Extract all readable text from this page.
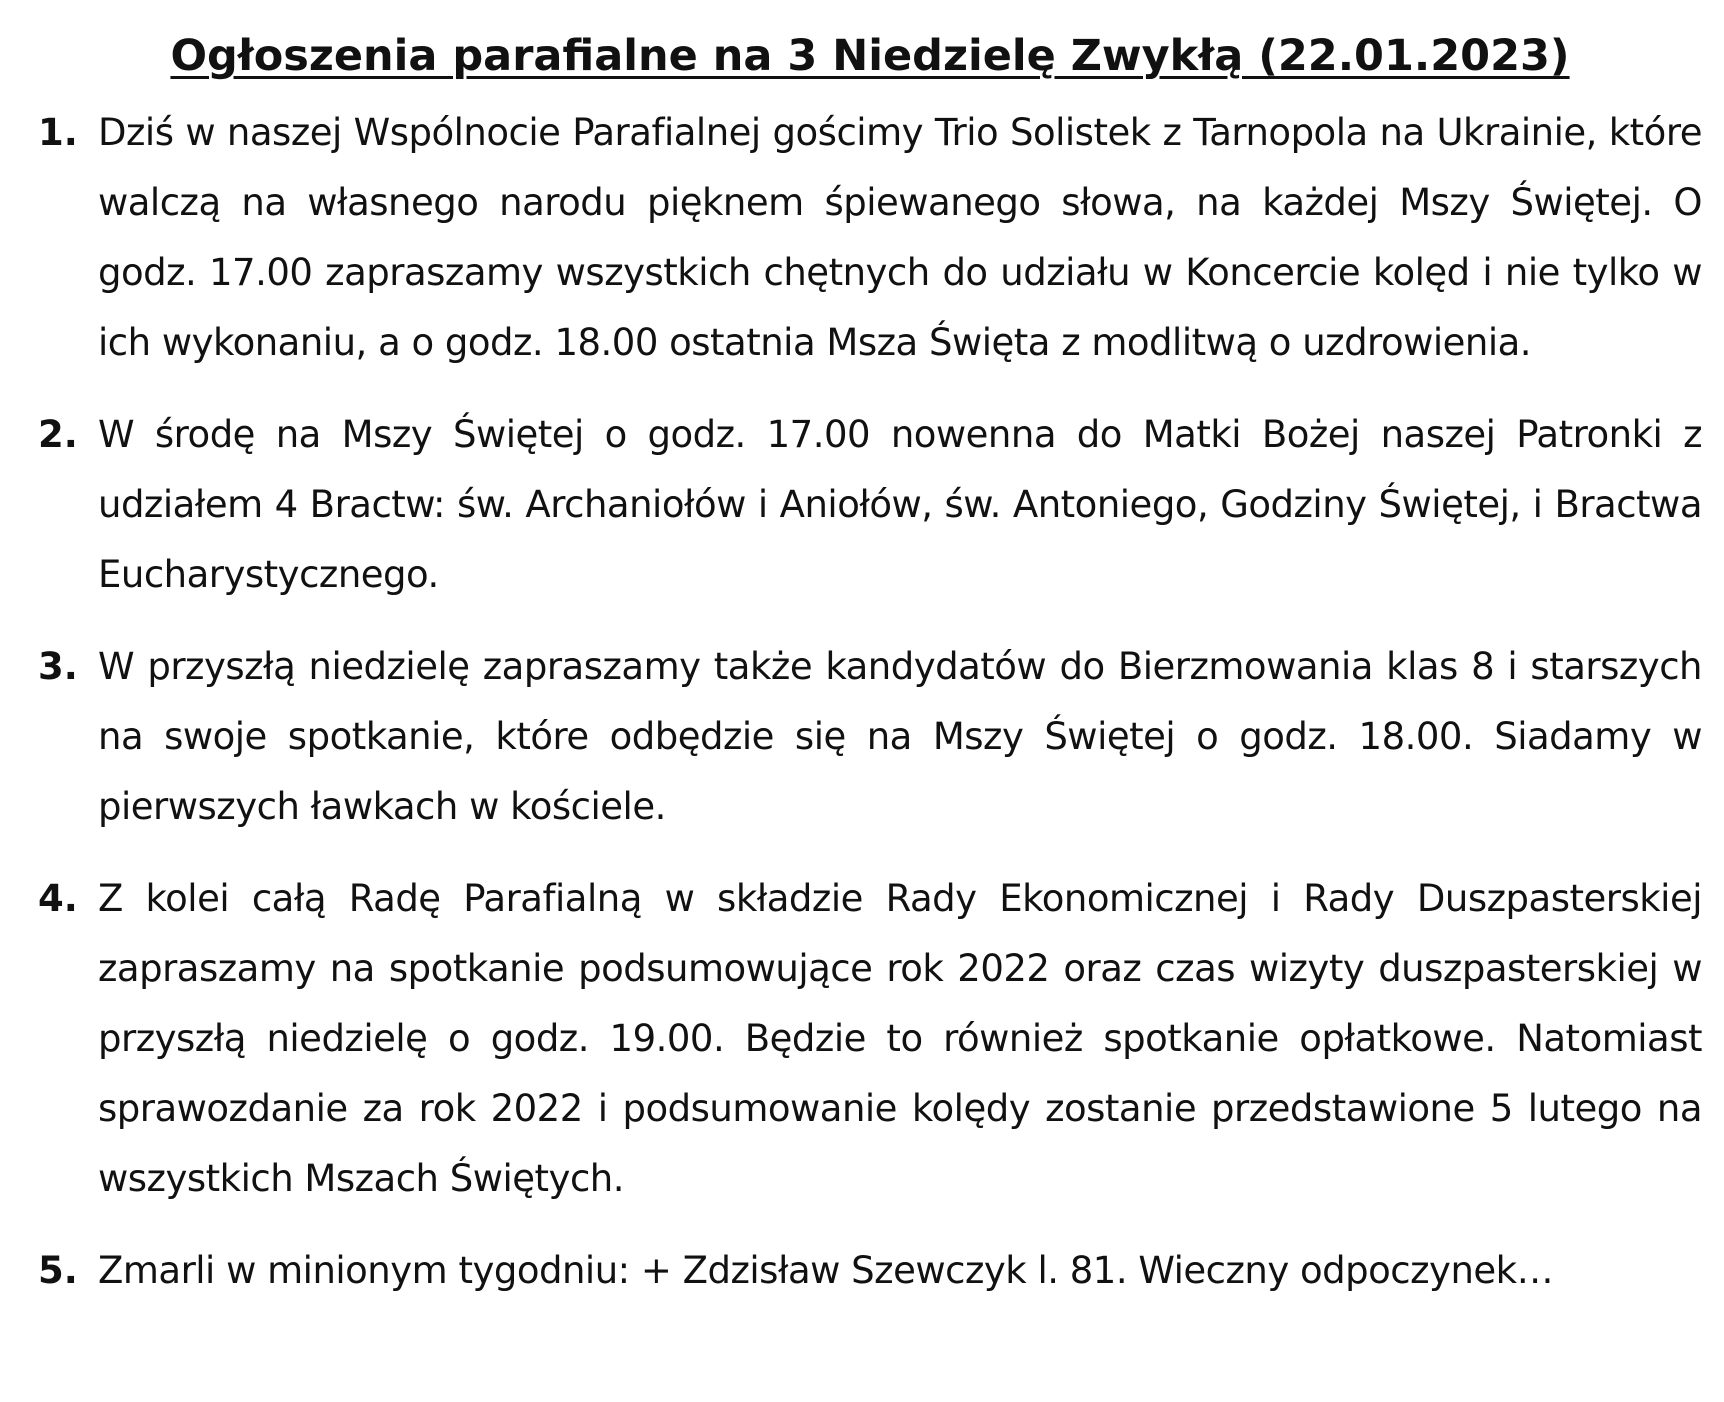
Ogłoszenia parafialne na 3 Niedzielę Zwykłą (22.01.2023)
1. Dziś w naszej Wspólnocie Parafialnej gościmy Trio Solistek z Tarnopola na Ukrainie, które walczą na własnego narodu pięknem śpiewanego słowa, na każdej Mszy Świętej. O godz. 17.00 zapraszamy wszystkich chętnych do udziału w Koncercie kolęd i nie tylko w ich wykonaniu, a o godz. 18.00 ostatnia Msza Święta z modlitwą o uzdrowienia.
2. W środę na Mszy Świętej o godz. 17.00 nowenna do Matki Bożej naszej Patronki z udziałem 4 Bractw: św. Archaniołów i Aniołów, św. Antoniego, Godziny Świętej, i Bractwa Eucharystycznego.
3. W przyszłą niedzielę zapraszamy także kandydatów do Bierzmowania klas 8 i starszych na swoje spotkanie, które odbędzie się na Mszy Świętej o godz. 18.00. Siadamy w pierwszych ławkach w kościele.
4. Z kolei całą Radę Parafialną w składzie Rady Ekonomicznej i Rady Duszpasterskiej zapraszamy na spotkanie podsumowujące rok 2022 oraz czas wizyty duszpasterskiej w przyszłą niedzielę o godz. 19.00. Będzie to również spotkanie opłatkowe. Natomiast sprawozdanie za rok 2022 i podsumowanie kolędy zostanie przedstawione 5 lutego na wszystkich Mszach Świętych.
5. Zmarli w minionym tygodniu: + Zdzisław Szewczyk l. 81. Wieczny odpoczynek…
